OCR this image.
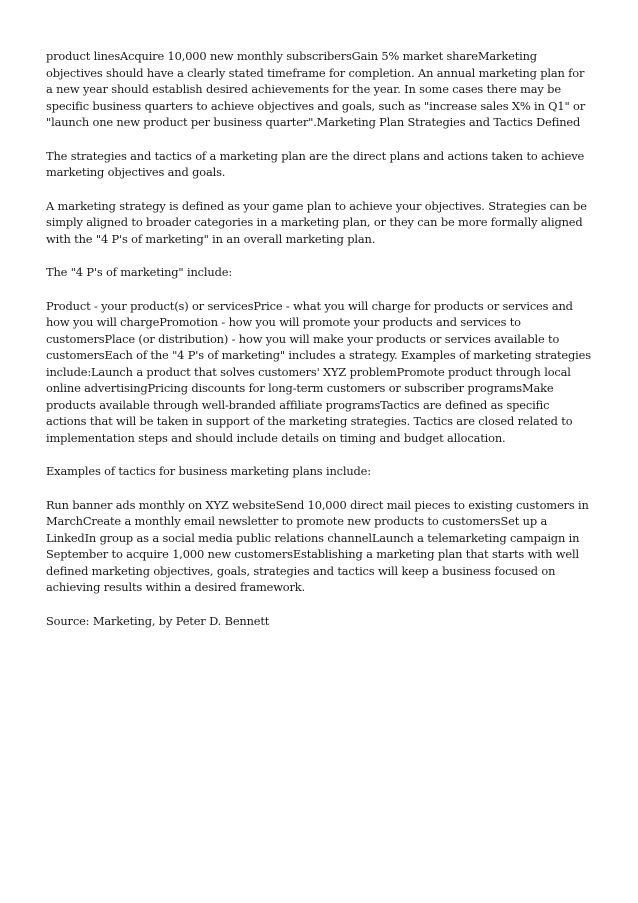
product linesAcquire 10,000 new monthly subscribersGain 5% market shareMarketing objectives should have a clearly stated timeframe for completion. An annual marketing plan for a new year should establish desired achievements for the year. In some cases there may be specific business quarters to achieve objectives and goals, such as "increase sales X% in Q1" or "launch one new product per business quarter".Marketing Plan Strategies and Tactics Defined

The strategies and tactics of a marketing plan are the direct plans and actions taken to achieve marketing objectives and goals.

A marketing strategy is defined as your game plan to achieve your objectives. Strategies can be simply aligned to broader categories in a marketing plan, or they can be more formally aligned with the "4 P's of marketing" in an overall marketing plan.

The "4 P's of marketing" include:

Product - your product(s) or servicesPrice - what you will charge for products or services and how you will chargePromotion - how you will promote your products and services to customersPlace (or distribution) - how you will make your products or services available to customersEach of the "4 P's of marketing" includes a strategy. Examples of marketing strategies include:Launch a product that solves customers' XYZ problemPromote product through local online advertisingPricing discounts for long-term customers or subscriber programsMake products available through well-branded affiliate programsTactics are defined as specific actions that will be taken in support of the marketing strategies. Tactics are closed related to implementation steps and should include details on timing and budget allocation.

Examples of tactics for business marketing plans include:

Run banner ads monthly on XYZ websiteSend 10,000 direct mail pieces to existing customers in MarchCreate a monthly email newsletter to promote new products to customersSet up a LinkedIn group as a social media public relations channelLaunch a telemarketing campaign in September to acquire 1,000 new customersEstablishing a marketing plan that starts with well defined marketing objectives, goals, strategies and tactics will keep a business focused on achieving results within a desired framework.

Source: Marketing, by Peter D. Bennett
